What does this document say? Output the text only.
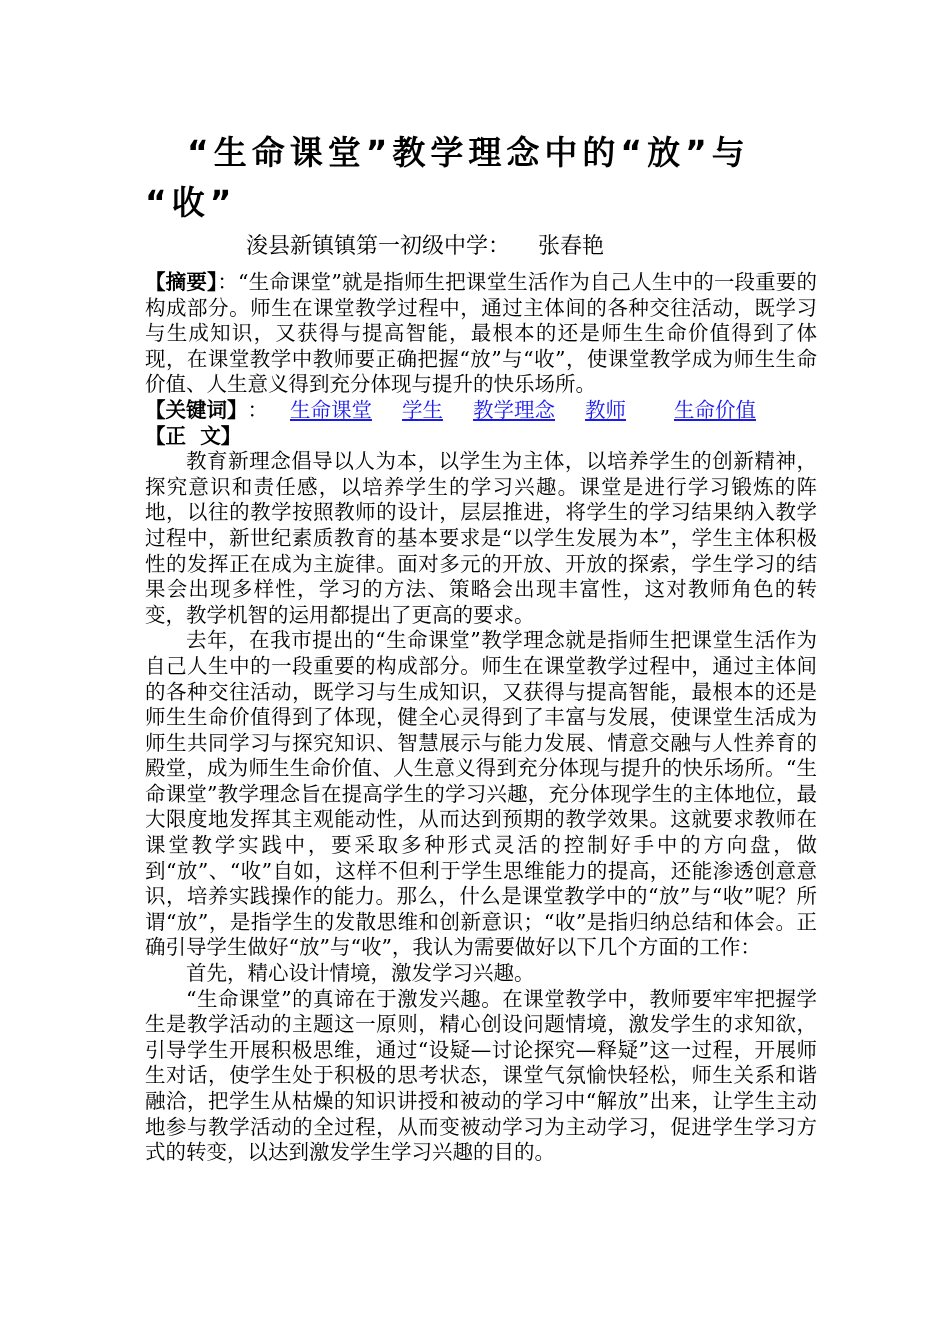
“生命课堂”教学理念中的“放”与
“收”
浚县新镇镇第一初级中学：    张春艳

【摘要】：“生命课堂”就是指师生把课堂生活作为自己人生中的一段重要的构成部分。师生在课堂教学过程中，通过主体间的各种交往活动，既学习与生成知识，又获得与提高智能，最根本的还是师生生命价值得到了体现，在课堂教学中教师要正确把握“放”与“收”，使课堂教学成为师生生命价值、人生意义得到充分体现与提升的快乐场所。

【关键词】 ： 生命课堂 学生 教学理念 教师 生命价值

【正  文】

教育新理念倡导以人为本，以学生为主体，以培养学生的创新精神，探究意识和责任感，以培养学生的学习兴趣。课堂是进行学习锻炼的阵地，以往的教学按照教师的设计，层层推进，将学生的学习结果纳入教学过程中，新世纪素质教育的基本要求是“以学生发展为本”，学生主体积极性的发挥正在成为主旋律。面对多元的开放、开放的探索，学生学习的结果会出现多样性，学习的方法、策略会出现丰富性，这对教师角色的转变，教学机智的运用都提出了更高的要求。

去年，在我市提出的“生命课堂”教学理念就是指师生把课堂生活作为自己人生中的一段重要的构成部分。师生在课堂教学过程中，通过主体间的各种交往活动，既学习与生成知识，又获得与提高智能，最根本的还是师生生命价值得到了体现，健全心灵得到了丰富与发展，使课堂生活成为师生共同学习与探究知识、智慧展示与能力发展、情意交融与人性养育的殿堂，成为师生生命价值、人生意义得到充分体现与提升的快乐场所。“生命课堂”教学理念旨在提高学生的学习兴趣，充分体现学生的主体地位，最大限度地发挥其主观能动性，从而达到预期的教学效果。这就要求教师在课堂教学实践中，要采取多种形式灵活的控制好手中的方向盘，做到“放”、“收”自如，这样不但利于学生思维能力的提高，还能渗透创意意识，培养实践操作的能力。那么，什么是课堂教学中的“放”与“收”呢？所谓“放”，是指学生的发散思维和创新意识；“收”是指归纳总结和体会。正确引导学生做好“放”与“收”，我认为需要做好以下几个方面的工作：

首先，精心设计情境，激发学习兴趣。

“生命课堂”的真谛在于激发兴趣。在课堂教学中，教师要牢牢把握学生是教学活动的主题这一原则，精心创设问题情境，激发学生的求知欲，引导学生开展积极思维，通过“设疑—讨论探究—释疑”这一过程，开展师生对话，使学生处于积极的思考状态，课堂气氛愉快轻松，师生关系和谐融洽，把学生从枯燥的知识讲授和被动的学习中“解放”出来，让学生主动地参与教学活动的全过程，从而变被动学习为主动学习，促进学生学习方式的转变，以达到激发学生学习兴趣的目的。
